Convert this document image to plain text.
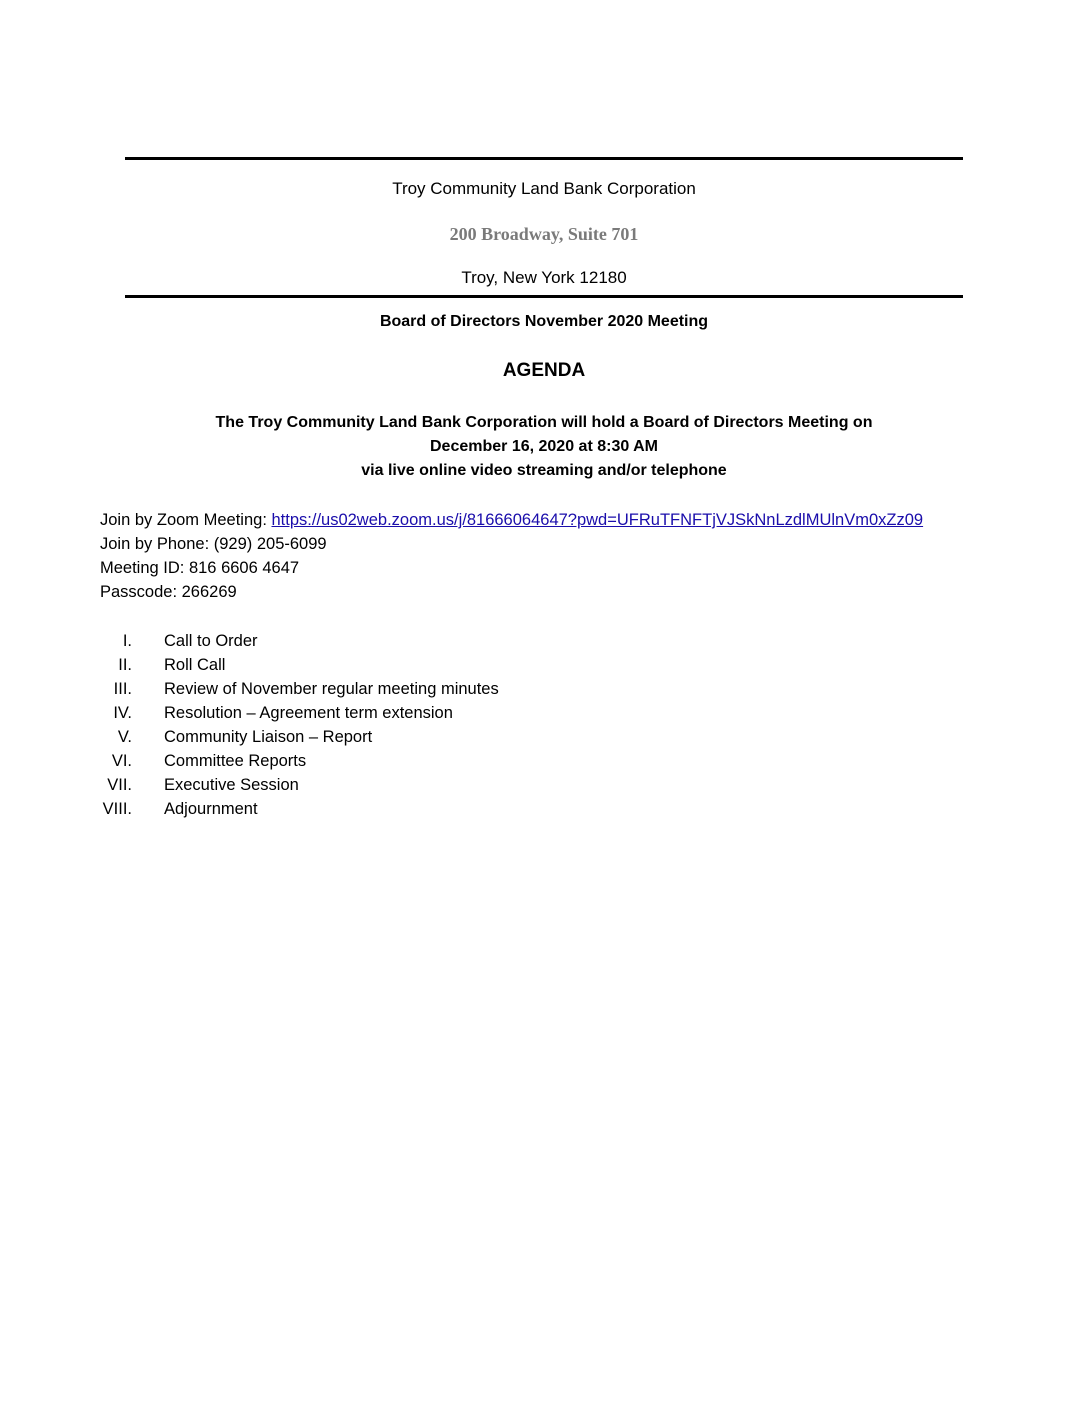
Troy Community Land Bank Corporation
200 Broadway, Suite 701
Troy, New York 12180
Board of Directors November 2020 Meeting
AGENDA
The Troy Community Land Bank Corporation will hold a Board of Directors Meeting on
December 16, 2020 at 8:30 AM
via live online video streaming and/or telephone
Join by Zoom Meeting: https://us02web.zoom.us/j/81666064647?pwd=UFRuTFNFTjVJSkNnLzdlMUlnVm0xZz09
Join by Phone: (929) 205-6099
Meeting ID: 816 6606 4647
Passcode: 266269
I.	Call to Order
II.	Roll Call
III.	Review of November regular meeting minutes
IV.	Resolution – Agreement term extension
V.	Community Liaison – Report
VI.	Committee Reports
VII.	Executive Session
VIII.	Adjournment
